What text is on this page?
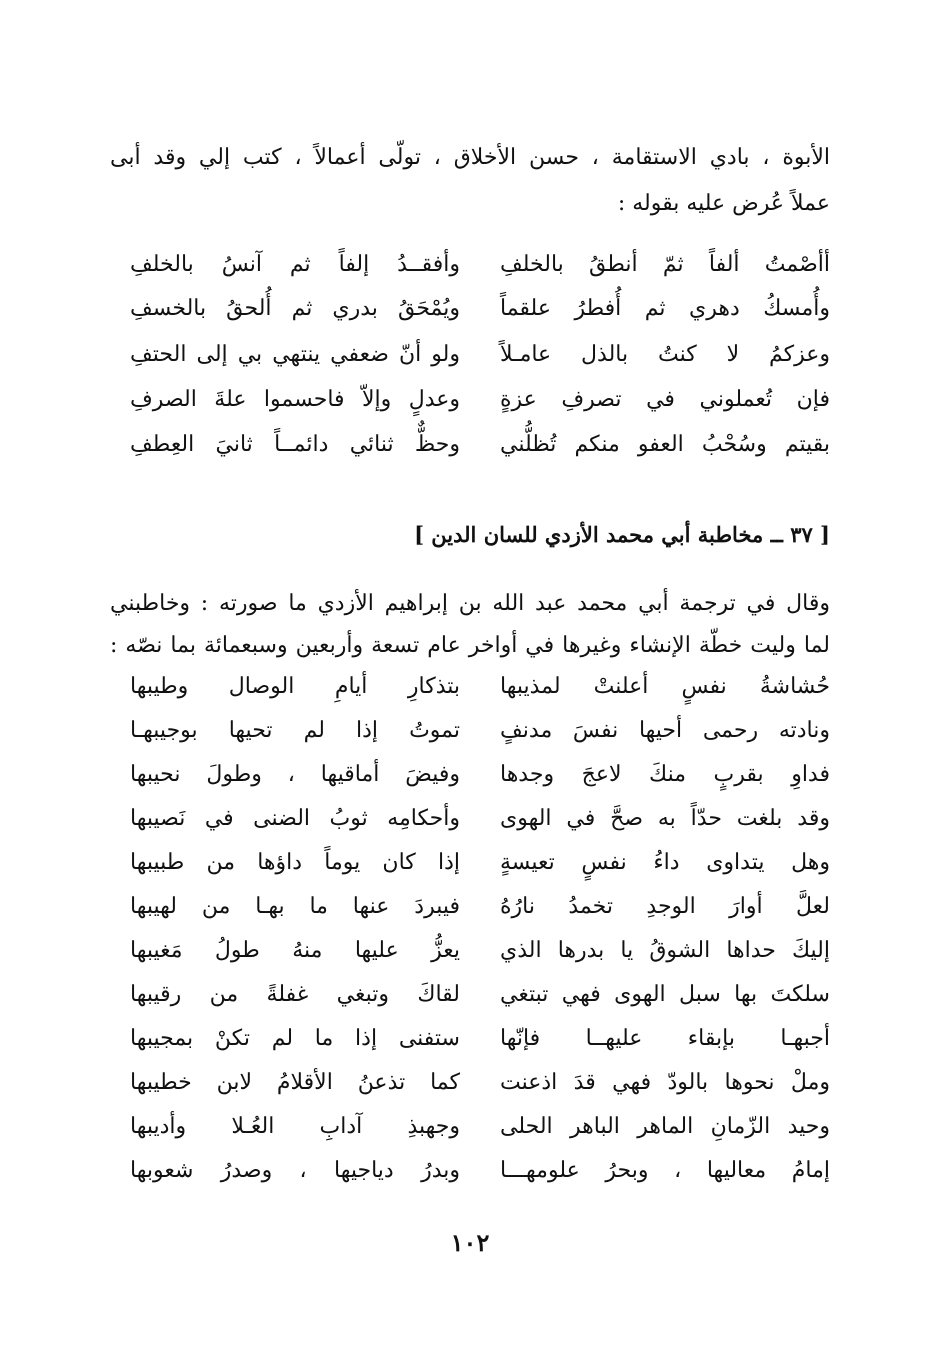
الأبوة ، بادي الاستقامة ، حسن الأخلاق ، تولّى أعمالاً ، كتب إلي وقد أبى
عملاً عُرض عليه بقوله :
أأصْمتُ ألفاً ثمّ أنطقُ بالخلفِ
وأفقــدُ إلفاً ثم آنسُ بالخلفِ
وأُمسكُ دهري ثم أُفطرُ علقماً
ويُمْحَقُ بدري ثم أُلحقُ بالخسفِ
وعزكمُ لا كنتُ بالذل عامـلاً
ولو أنّ ضعفي ينتهي بي إلى الحتفِ
فإن تُعملوني في تصرفِ عزةٍ
وعدلٍ وإلاّ فاحسموا علةَ الصرفِ
بقيتم وسُحْبُ العفو منكم تُظلُّني
وحظٌّ ثنائي دائمــاً ثانيَ العِطفِ
[ ٣٧ ــ مخاطبة أبي محمد الأزدي للسان الدين ]
وقال في ترجمة أبي محمد عبد الله بن إبراهيم الأزدي ما صورته : وخاطبني
لما وليت خطّة الإنشاء وغيرها في أواخر عام تسعة وأربعين وسبعمائة بما نصّه :
حُشاشةُ نفسٍ أعلنتْ لمذيبها
بتذكارِ أيامِ الوصال وطيبها
ونادته رحمى أحيها نفسَ مدنفٍ
تموتُ إذا لم تحيها بوجيبهـا
فداوِ بقربٍ منكَ لاعجَ وجدها
وفيضَ أماقيها ، وطولَ نحيبها
وقد بلغت حدّاً به صحَّ في الهوى
وأحكامِه ثوبُ الضنى في نَصيبها
وهل يتداوى داءُ نفسٍ تعيسةٍ
إذا كان يوماً داؤها من طبيبها
لعلَّ أوارَ الوجدِ تخمدُ نارُهُ
فيبردَ عنها ما بهـا من لهيبها
إليكَ حداها الشوقُ يا بدرها الذي
يعزُّ عليها منهُ طولُ مَغيبها
سلكتَ بها سبل الهوى فهي تبتغي
لقاكَ وتبغي غفلةً من رقيبها
أجبهـا بإبقاء عليهــا فإنّها
ستفنى إذا ما لم تكنْ بمجيبها
وملْ نحوها بالودّ فهي قدَ اذعنت
كما تذعنُ الأقلامُ لابن خطيبها
وحيد الزّمانِ الماهر الباهر الحلى
وجهبذِ آدابِ العُـلا وأديبها
إمامُ معاليها ، وبحرُ علومهـــا
وبدرُ دياجيها ، وصدرُ شعوبها
١٠٢
